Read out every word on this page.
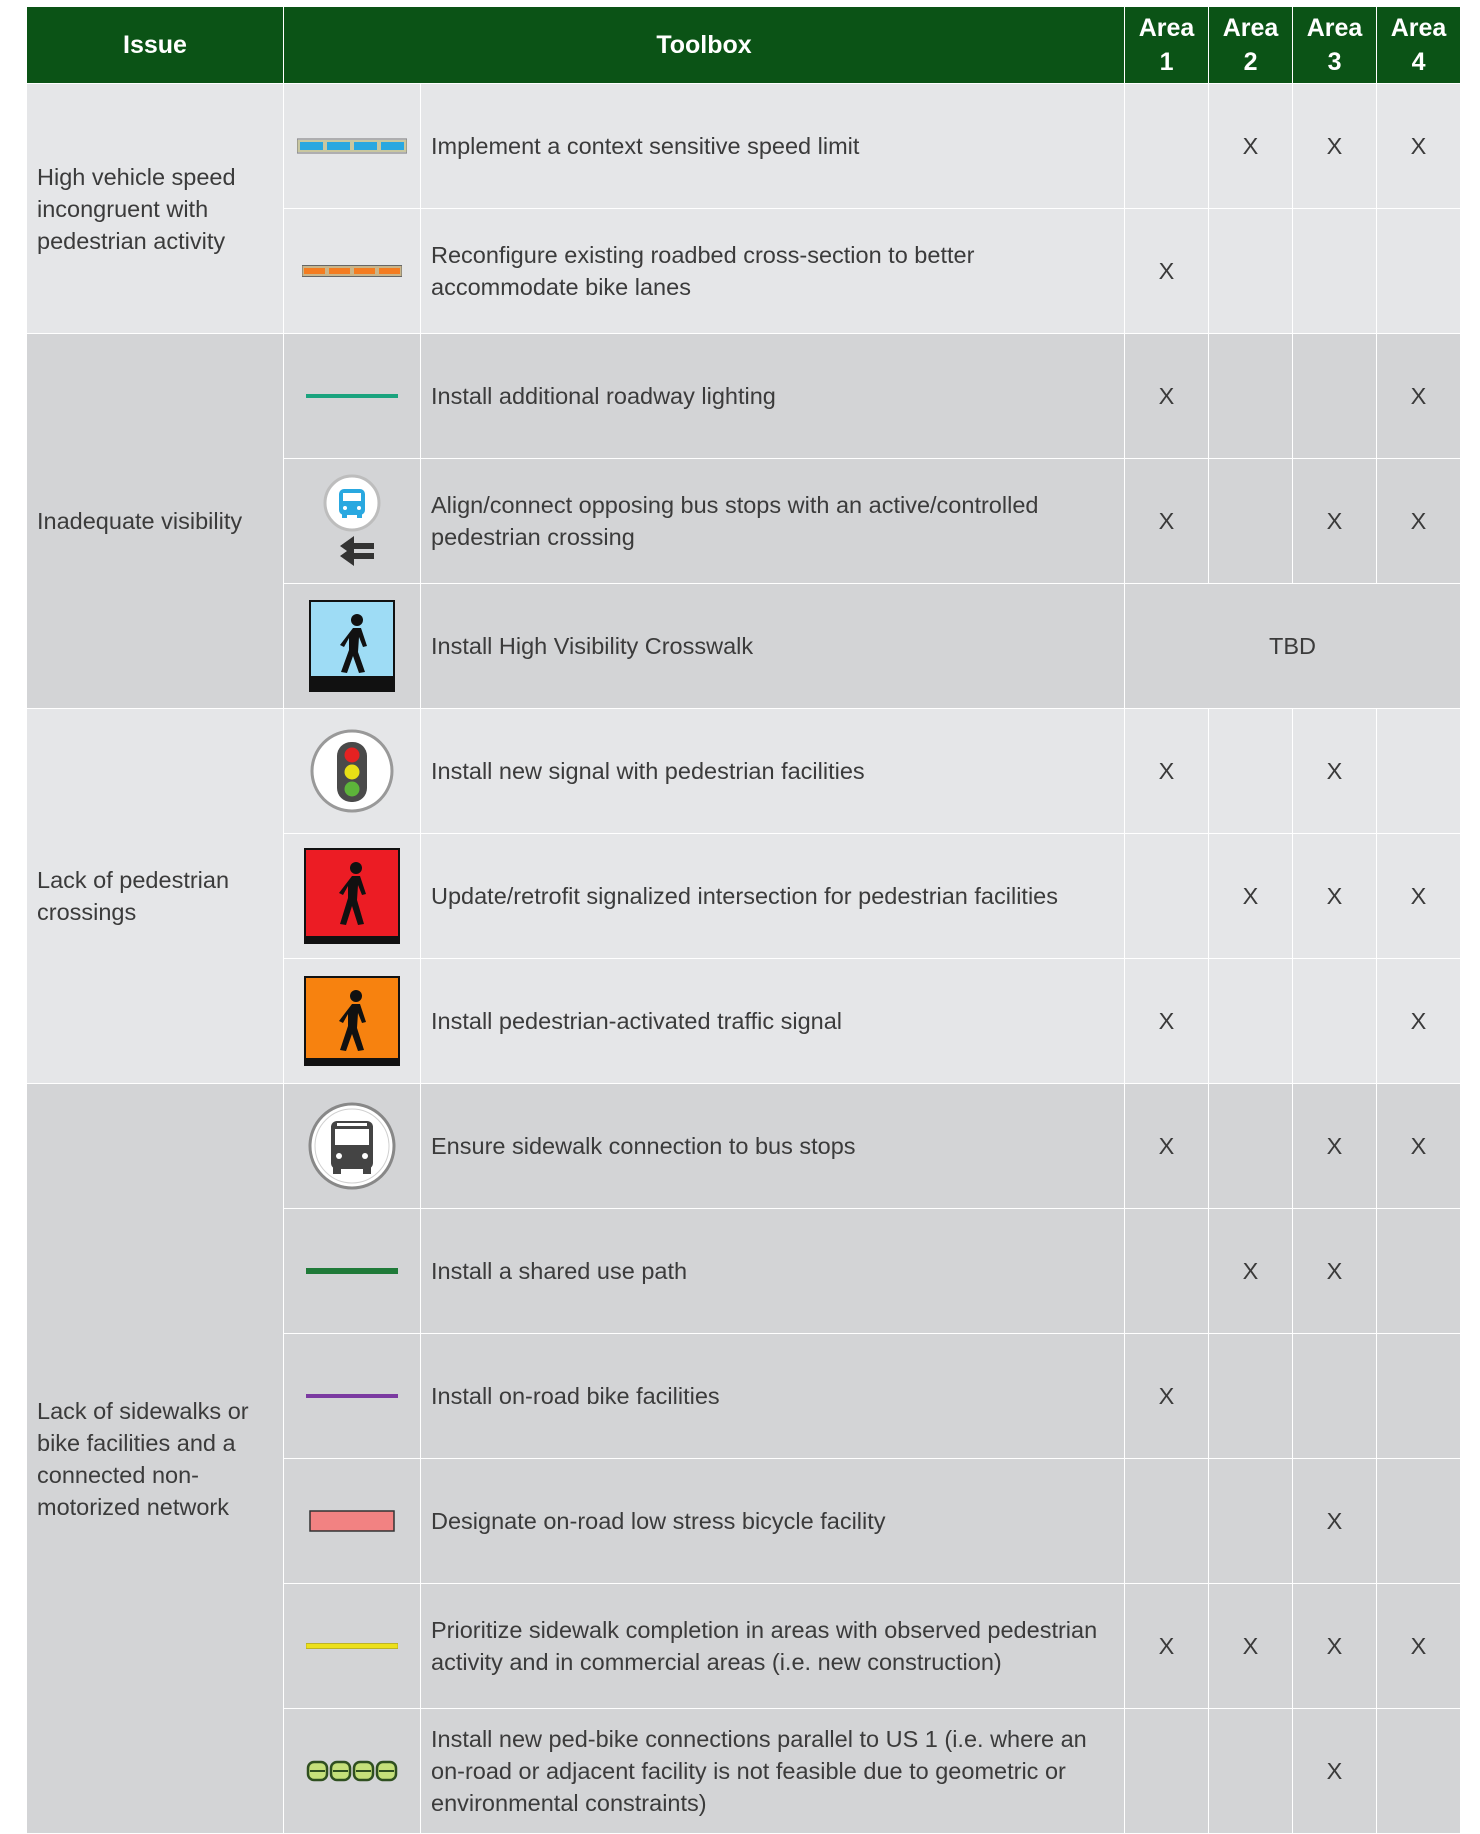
Issue	Toolbox		Area 1	Area 2	Area 3	Area 4
High vehicle speed incongruent with pedestrian activity		Implement a context sensitive speed limit		X	X	X

	Reconfigure existing roadbed cross-section to better accommodate bike lanes	X			
Inadequate visibility		Install additional roadway lighting	X			X

	Align/connect opposing bus stops with an active/controlled pedestrian crossing	X		X	X

	Install High Visibility Crosswalk	TBD			
Lack of pedestrian crossings		Install new signal with pedestrian facilities	X		X	

	Update/retrofit signalized intersection for pedestrian facilities		X	X	X

	Install pedestrian-activated traffic signal	X			X
Lack of sidewalks or bike facilities and a connected non-motorized network		Ensure sidewalk connection to bus stops	X		X	X

	Install a shared use path		X	X	

	Install on-road bike facilities	X			

	Designate on-road low stress bicycle facility			X	

	Prioritize sidewalk completion in areas with observed pedestrian activity and in commercial areas (i.e. new construction)	X	X	X	X

	Install new ped-bike connections parallel to US 1 (i.e. where an on-road or adjacent facility is not feasible due to geometric or environmental constraints)			X	
